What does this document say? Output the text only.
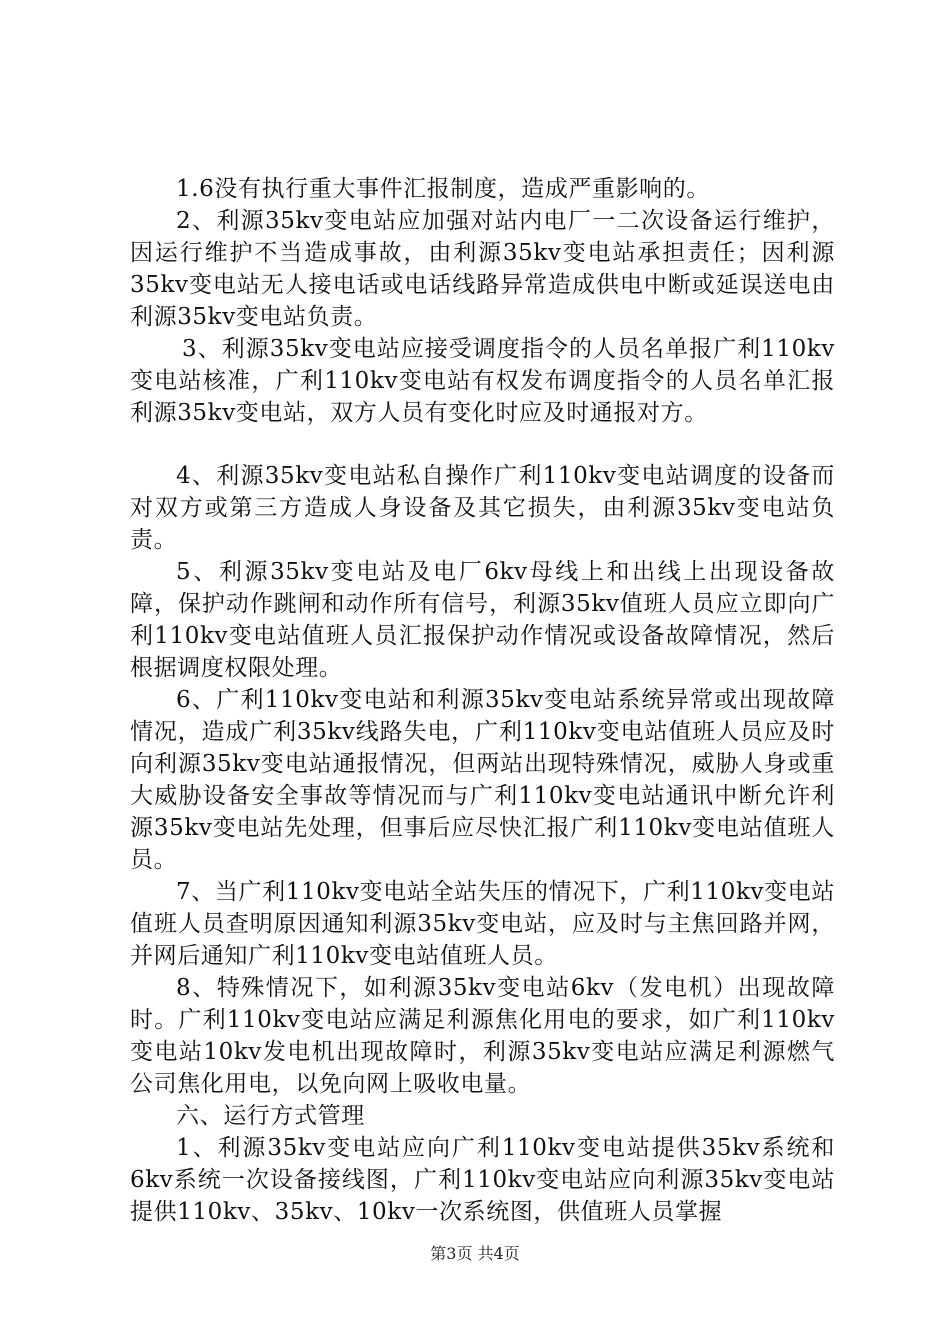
1.6没有执行重大事件汇报制度，造成严重影响的。

2、利源35kv变电站应加强对站内电厂一二次设备运行维护，因运行维护不当造成事故，由利源35kv变电站承担责任；因利源35kv变电站无人接电话或电话线路异常造成供电中断或延误送电由利源35kv变电站负责。

3、利源35kv变电站应接受调度指令的人员名单报广利110kv变电站核准，广利110kv变电站有权发布调度指令的人员名单汇报利源35kv变电站，双方人员有变化时应及时通报对方。

4、利源35kv变电站私自操作广利110kv变电站调度的设备而对双方或第三方造成人身设备及其它损失，由利源35kv变电站负责。

5、利源35kv变电站及电厂6kv母线上和出线上出现设备故障，保护动作跳闸和动作所有信号，利源35kv值班人员应立即向广利110kv变电站值班人员汇报保护动作情况或设备故障情况，然后根据调度权限处理。

6、广利110kv变电站和利源35kv变电站系统异常或出现故障情况，造成广利35kv线路失电，广利110kv变电站值班人员应及时向利源35kv变电站通报情况，但两站出现特殊情况，威胁人身或重大威胁设备安全事故等情况而与广利110kv变电站通讯中断允许利源35kv变电站先处理，但事后应尽快汇报广利110kv变电站值班人员。

7、当广利110kv变电站全站失压的情况下，广利110kv变电站值班人员查明原因通知利源35kv变电站，应及时与主焦回路并网，并网后通知广利110kv变电站值班人员。

8、特殊情况下，如利源35kv变电站6kv（发电机）出现故障时。广利110kv变电站应满足利源焦化用电的要求，如广利110kv变电站10kv发电机出现故障时，利源35kv变电站应满足利源燃气公司焦化用电，以免向网上吸收电量。

六、运行方式管理

1、利源35kv变电站应向广利110kv变电站提供35kv系统和6kv系统一次设备接线图，广利110kv变电站应向利源35kv变电站提供110kv、35kv、10kv一次系统图，供值班人员掌握

第3页 共4页
